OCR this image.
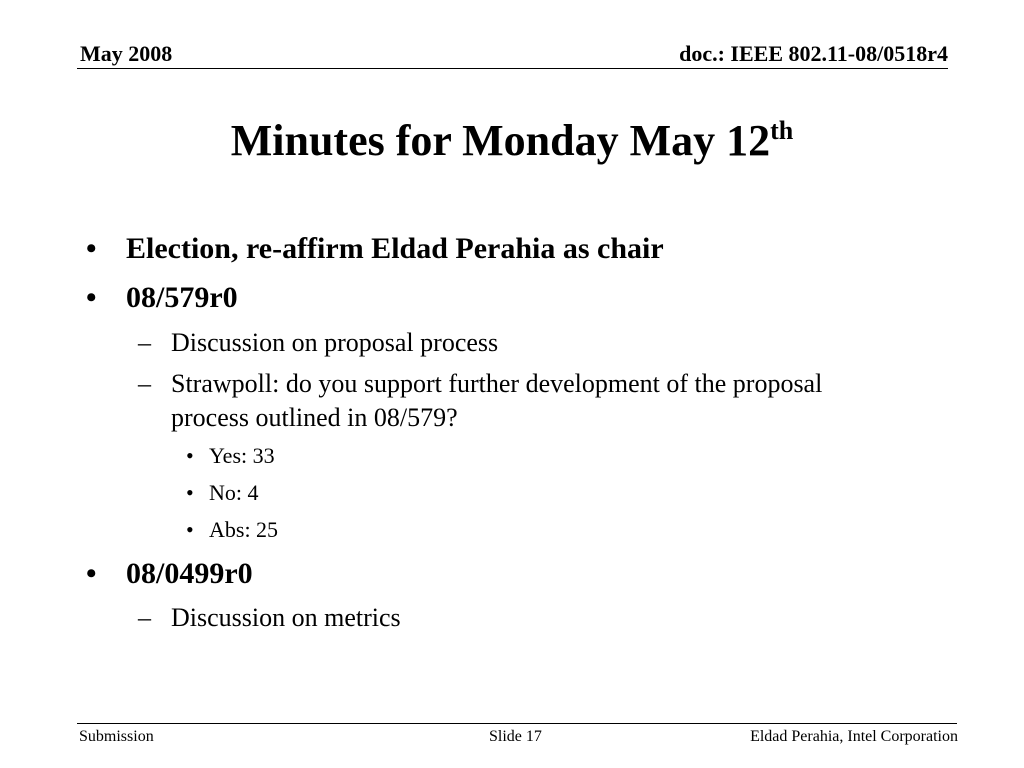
May 2008	doc.: IEEE 802.11-08/0518r4
Minutes for Monday May 12th
• Election, re-affirm Eldad Perahia as chair
• 08/579r0
– Discussion on proposal process
– Strawpoll: do you support further development of the proposal
process outlined in 08/579?
• Yes: 33
• No: 4
• Abs: 25
• 08/0499r0
– Discussion on metrics
Submission	Slide 17	Eldad Perahia, Intel Corporation
